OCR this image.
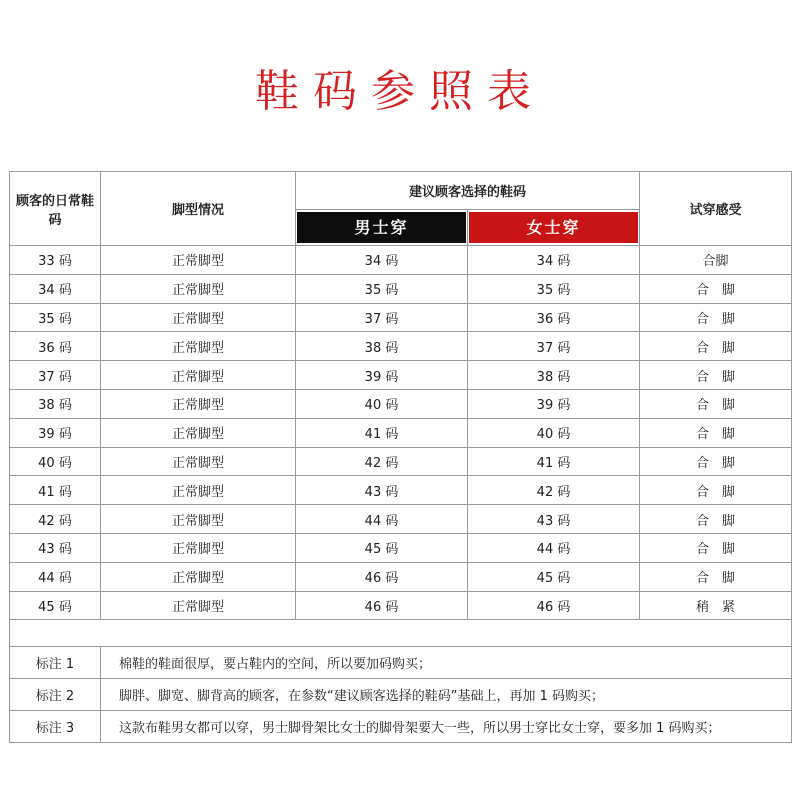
鞋码参照表
顾客的日常鞋码	脚型情况	建议顾客选择的鞋码		试穿感受

		男士穿	女士穿	

33 码	正常脚型	34 码	34 码	合脚
34 码	正常脚型	35 码	35 码	合　脚
35 码	正常脚型	37 码	36 码	合　脚
36 码	正常脚型	38 码	37 码	合　脚
37 码	正常脚型	39 码	38 码	合　脚
38 码	正常脚型	40 码	39 码	合　脚
39 码	正常脚型	41 码	40 码	合　脚
40 码	正常脚型	42 码	41 码	合　脚
41 码	正常脚型	43 码	42 码	合　脚
42 码	正常脚型	44 码	43 码	合　脚
43 码	正常脚型	45 码	44 码	合　脚
44 码	正常脚型	46 码	45 码	合　脚
45 码	正常脚型	46 码	46 码	稍　紧

标注 1	棉鞋的鞋面很厚，要占鞋内的空间，所以要加码购买；			
标注 2	脚胖、脚宽、脚背高的顾客，在参数“建议顾客选择的鞋码”基础上，再加 1 码购买；			
标注 3	这款布鞋男女都可以穿，男士脚骨架比女士的脚骨架要大一些，所以男士穿比女士穿，要多加 1 码购买；			
